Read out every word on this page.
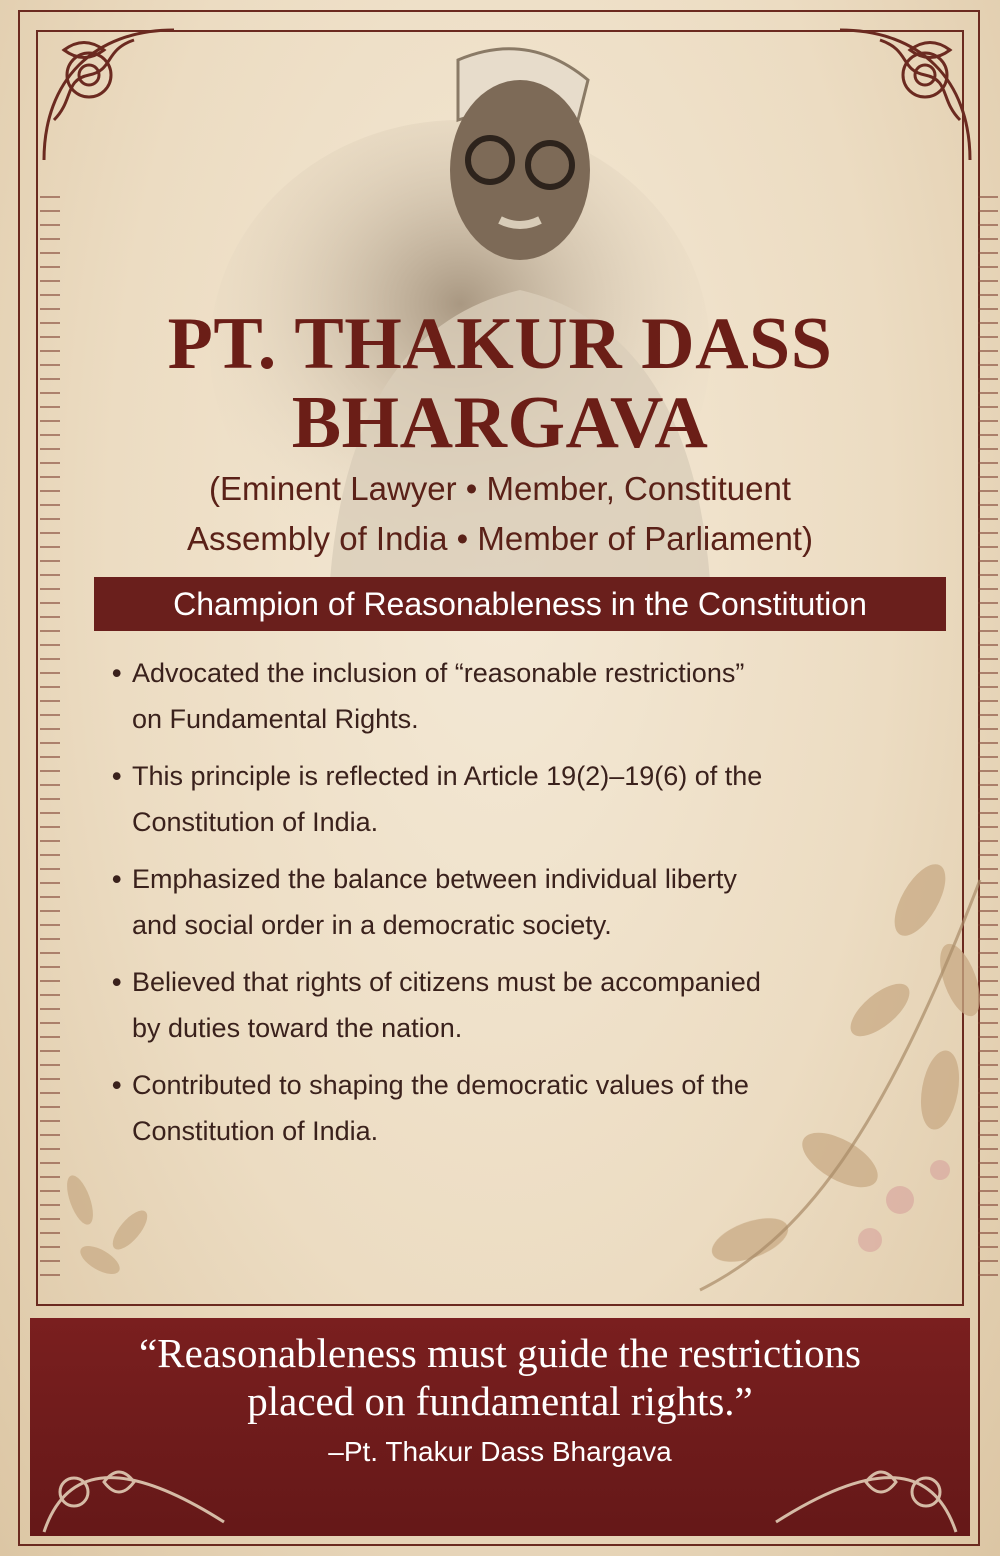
PT. THAKUR DASS
BHARGAVA
(Eminent Lawyer • Member, Constituent
Assembly of India • Member of Parliament)
Champion of Reasonableness in the Constitution
• Advocated the inclusion of “reasonable restrictions”
on Fundamental Rights.
• This principle is reflected in Article 19(2)–19(6) of the
Constitution of India.
• Emphasized the balance between individual liberty
and social order in a democratic society.
• Believed that rights of citizens must be accompanied
by duties toward the nation.
• Contributed to shaping the democratic values of the
Constitution of India.
“Reasonableness must guide the restrictions
placed on fundamental rights.”
–Pt. Thakur Dass Bhargava
